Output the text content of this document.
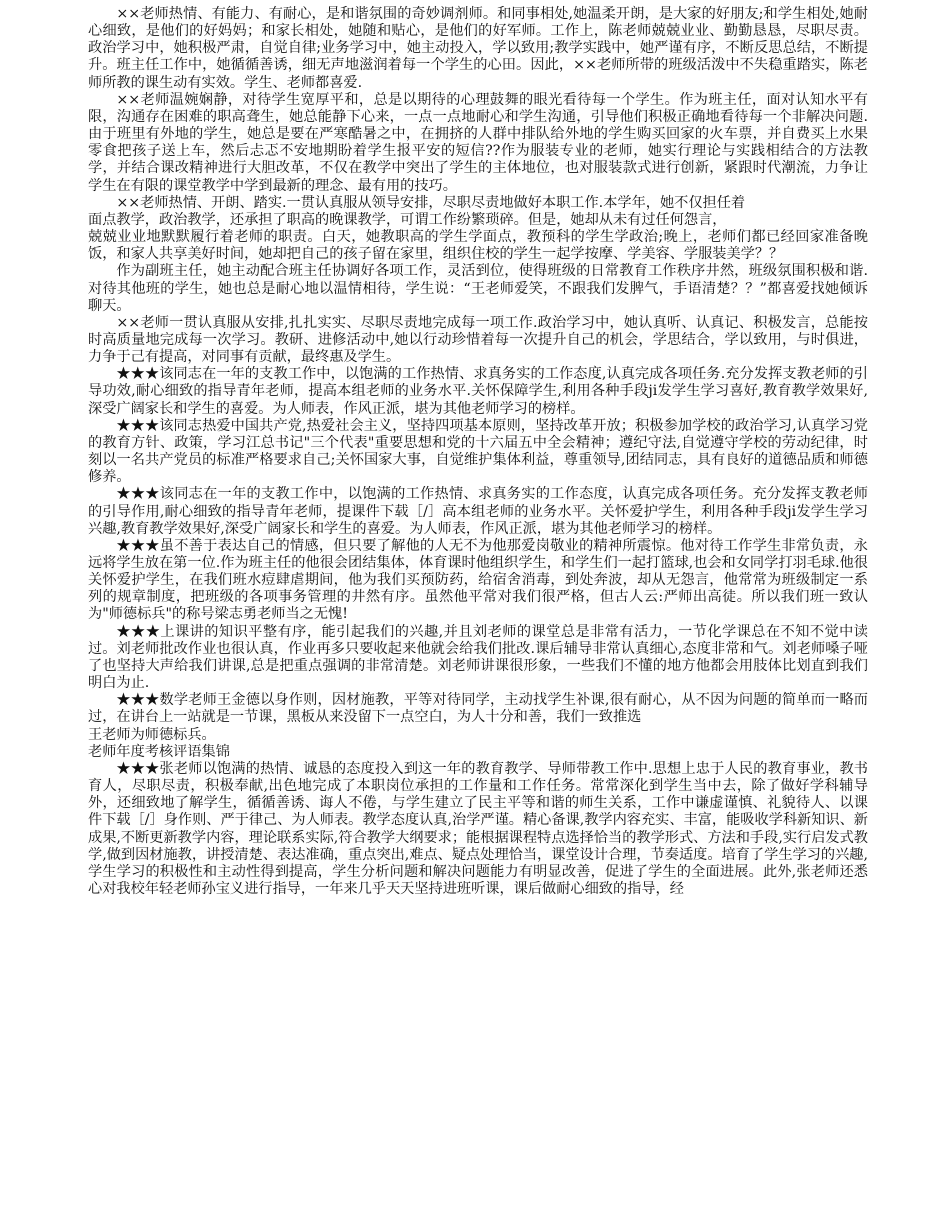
××老师热情、有能力、有耐心，是和谐氛围的奇妙调剂师。和同事相处,她温柔开朗，是大家的好朋友;和学生相处,她耐心细致，是他们的好妈妈；和家长相处，她随和贴心，是他们的好军师。工作上，陈老师兢兢业业、勤勤恳恳，尽职尽责。政治学习中，她积极严肃，自觉自律;业务学习中，她主动投入，学以致用;教学实践中，她严谨有序，不断反思总结，不断提升。班主任工作中，她循循善诱，细无声地滋润着每一个学生的心田。因此，××老师所带的班级活泼中不失稳重踏实，陈老师所教的课生动有实效。学生、老师都喜爱.

××老师温婉娴静，对待学生宽厚平和，总是以期待的心理鼓舞的眼光看待每一个学生。作为班主任，面对认知水平有限，沟通存在困难的职高聋生，她总能静下心来，一点一点地耐心和学生沟通，引导他们积极正确地看待每一个非解决问题.由于班里有外地的学生，她总是要在严寒酷暑之中，在拥挤的人群中排队给外地的学生购买回家的火车票，并自费买上水果零食把孩子送上车，然后忐忑不安地期盼着学生报平安的短信??作为服装专业的老师，她实行理论与实践相结合的方法教学，并结合课改精神进行大胆改革，不仅在教学中突出了学生的主体地位，也对服装款式进行创新，紧跟时代潮流，力争让学生在有限的课堂教学中学到最新的理念、最有用的技巧。

××老师热情、开朗、踏实.一贯认真服从领导安排，尽职尽责地做好本职工作.本学年，她不仅担任着

面点教学，政治教学，还承担了职高的晚课教学，可谓工作纷繁琐碎。但是，她却从未有过任何怨言，

兢兢业业地默默履行着老师的职责。白天，她教职高的学生学面点，教预科的学生学政治;晚上，老师们都已经回家准备晚饭，和家人共享美好时间，她却把自己的孩子留在家里，组织住校的学生一起学按摩、学美容、学服装美学？？

作为副班主任，她主动配合班主任协调好各项工作，灵活到位，使得班级的日常教育工作秩序井然，班级氛围积极和谐.对待其他班的学生，她也总是耐心地以温情相待，学生说：“王老师爱笑，不跟我们发脾气，手语清楚？？”都喜爱找她倾诉聊天。

××老师一贯认真服从安排,扎扎实实、尽职尽责地完成每一项工作.政治学习中，她认真听、认真记、积极发言，总能按时高质量地完成每一次学习。教研、进修活动中,她以行动珍惜着每一次提升自己的机会，学思结合，学以致用，与时俱进，力争于己有提高，对同事有贡献，最终惠及学生。

★★★该同志在一年的支教工作中，以饱满的工作热情、求真务实的工作态度,认真完成各项任务.充分发挥支教老师的引导功效,耐心细致的指导青年老师，提高本组老师的业务水平.关怀保障学生,利用各种手段ji发学生学习喜好,教育教学效果好,深受广阔家长和学生的喜爱。为人师表，作风正派，堪为其他老师学习的榜样。

★★★该同志热爱中国共产党,热爱社会主义，坚持四项基本原则，坚持改革开放；积极参加学校的政治学习,认真学习党的教育方针、政策，学习江总书记"三个代表"重要思想和党的十六届五中全会精神；遵纪守法,自觉遵守学校的劳动纪律，时刻以一名共产党员的标准严格要求自己;关怀国家大事，自觉维护集体利益，尊重领导,团结同志，具有良好的道德品质和师德修养。

★★★该同志在一年的支教工作中，以饱满的工作热情、求真务实的工作态度，认真完成各项任务。充分发挥支教老师的引导作用,耐心细致的指导青年老师，提课件下载［/］高本组老师的业务水平。关怀爱护学生，利用各种手段ji发学生学习兴趣,教育教学效果好,深受广阔家长和学生的喜爱。为人师表，作风正派，堪为其他老师学习的榜样。

★★★虽不善于表达自己的情感，但只要了解他的人无不为他那爱岗敬业的精神所震惊。他对待工作学生非常负责，永远将学生放在第一位.作为班主任的他很会团结集体，体育课时他组织学生，和学生们一起打篮球,也会和女同学打羽毛球.他很关怀爱护学生，在我们班水痘肆虐期间，他为我们买预防药，给宿舍消毒，到处奔波，却从无怨言，他常常为班级制定一系列的规章制度，把班级的各项事务管理的井然有序。虽然他平常对我们很严格，但古人云:严师出高徒。所以我们班一致认为"师德标兵"的称号梁志勇老师当之无愧!

★★★上课讲的知识平整有序，能引起我们的兴趣,并且刘老师的课堂总是非常有活力，一节化学课总在不知不觉中读过。刘老师批改作业也很认真，作业再多只要收起来他就会给我们批改.课后辅导非常认真细心,态度非常和气。刘老师嗓子哑了也坚持大声给我们讲课,总是把重点强调的非常清楚。刘老师讲课很形象，一些我们不懂的地方他都会用肢体比划直到我们明白为止.

★★★数学老师王金德以身作则，因材施教，平等对待同学，主动找学生补课,很有耐心，从不因为问题的简单而一略而过，在讲台上一站就是一节课，黑板从来没留下一点空白，为人十分和善，我们一致推选

王老师为师德标兵。

老师年度考核评语集锦

★★★张老师以饱满的热情、诚恳的态度投入到这一年的教育教学、导师带教工作中.思想上忠于人民的教育事业，教书育人，尽职尽责，积极奉献,出色地完成了本职岗位承担的工作量和工作任务。常常深化到学生当中去，除了做好学科辅导外，还细致地了解学生，循循善诱、诲人不倦，与学生建立了民主平等和谐的师生关系，工作中谦虚谨慎、礼貌待人、以课件下载［/］身作则、严于律己、为人师表。教学态度认真,治学严谨。精心备课,教学内容充实、丰富，能吸收学科新知识、新成果,不断更新教学内容，理论联系实际,符合教学大纲要求；能根据课程特点选择恰当的教学形式、方法和手段,实行启发式教学,做到因材施教，讲授清楚、表达准确，重点突出,难点、疑点处理恰当，课堂设计合理，节奏适度。培育了学生学习的兴趣,学生学习的积极性和主动性得到提高，学生分析问题和解决问题能力有明显改善，促进了学生的全面进展。此外,张老师还悉心对我校年轻老师孙宝义进行指导，一年来几乎天天坚持进班听课，课后做耐心细致的指导，经
